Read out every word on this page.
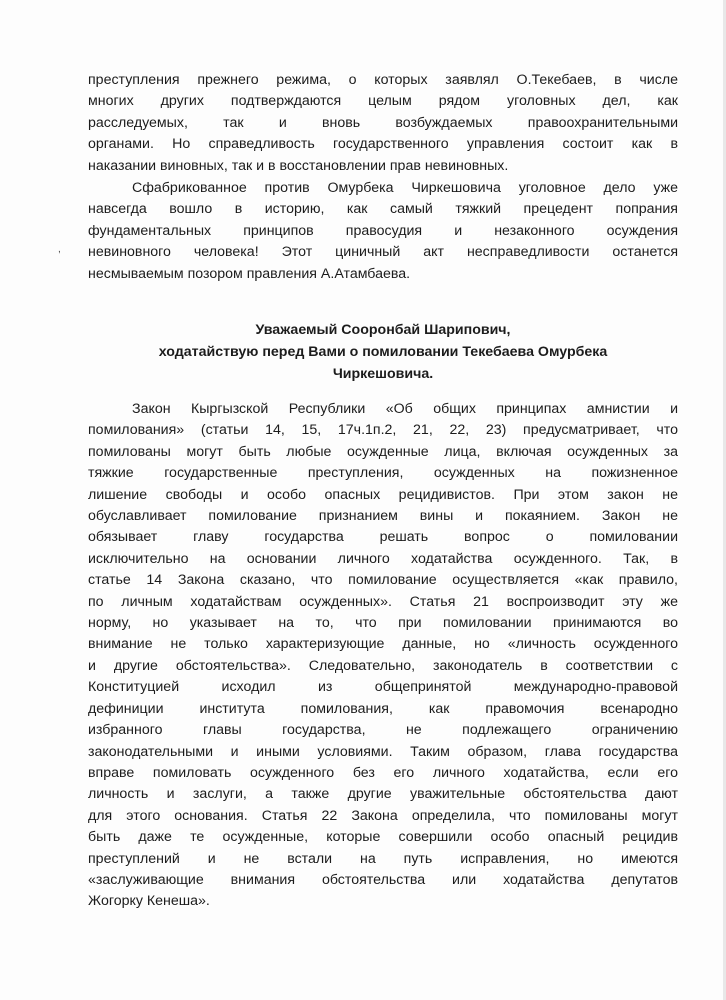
,
преступления прежнего режима, о которых заявлял О.Текебаев, в числе
многих других подтверждаются целым рядом уголовных дел, как
расследуемых, так и вновь возбуждаемых правоохранительными
органами. Но справедливость государственного управления состоит как в
наказании виновных, так и в восстановлении прав невиновных.
Сфабрикованное против Омурбека Чиркешовича уголовное дело уже
навсегда вошло в историю, как самый тяжкий прецедент попрания
фундаментальных принципов правосудия и незаконного осуждения
невиновного человека! Этот циничный акт несправедливости останется
несмываемым позором правления А.Атамбаева.
Уважаемый Сооронбай Шарипович,
ходатайствую перед Вами о помиловании Текебаева Омурбека
Чиркешовича.
Закон Кыргызской Республики «Об общих принципах амнистии и
помилования» (статьи 14, 15, 17ч.1п.2, 21, 22, 23) предусматривает, что
помилованы могут быть любые осужденные лица, включая осужденных за
тяжкие государственные преступления, осужденных на пожизненное
лишение свободы и особо опасных рецидивистов. При этом закон не
обуславливает помилование признанием вины и покаянием. Закон не
обязывает главу государства решать вопрос о помиловании
исключительно на основании личного ходатайства осужденного. Так, в
статье 14 Закона сказано, что помилование осуществляется «как правило,
по личным ходатайствам осужденных». Статья 21 воспроизводит эту же
норму, но указывает на то, что при помиловании принимаются во
внимание не только характеризующие данные, но «личность осужденного
и другие обстоятельства». Следовательно, законодатель в соответствии с
Конституцией исходил из общепринятой международно-правовой
дефиниции института помилования, как правомочия всенародно
избранного главы государства, не подлежащего ограничению
законодательными и иными условиями. Таким образом, глава государства
вправе помиловать осужденного без его личного ходатайства, если его
личность и заслуги, а также другие уважительные обстоятельства дают
для этого основания. Статья 22 Закона определила, что помилованы могут
быть даже те осужденные, которые совершили особо опасный рецидив
преступлений и не встали на путь исправления, но имеются
«заслуживающие внимания обстоятельства или ходатайства депутатов
Жогорку Кенеша».
